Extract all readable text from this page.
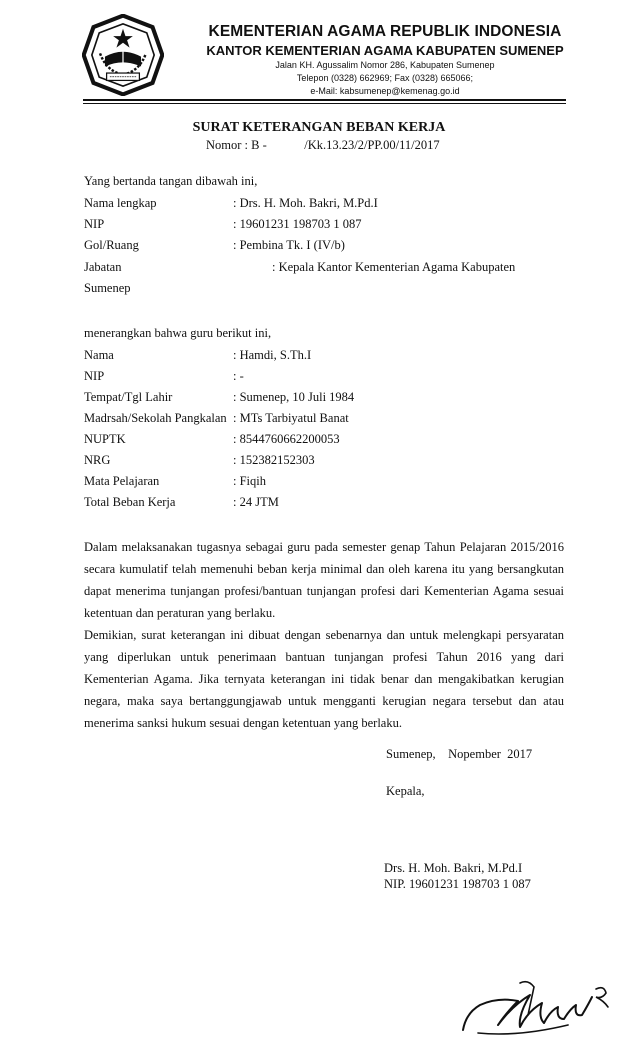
KEMENTERIAN AGAMA REPUBLIK INDONESIA
KANTOR KEMENTERIAN AGAMA KABUPATEN SUMENEP
Jalan KH. Agussalim Nomor 286, Kabupaten Sumenep
Telepon (0328) 662969; Fax (0328) 665066;
e-Mail: kabsumenep@kemenag.go.id
SURAT KETERANGAN BEBAN KERJA
Nomor : B -            /Kk.13.23/2/PP.00/11/2017
Yang bertanda tangan dibawah ini,
Nama lengkap	: Drs. H. Moh. Bakri, M.Pd.I
NIP	: 19601231 198703 1 087
Gol/Ruang	: Pembina Tk. I (IV/b)
Jabatan	: Kepala Kantor Kementerian Agama Kabupaten
Sumenep
menerangkan bahwa guru berikut ini,
Nama	: Hamdi, S.Th.I
NIP	: -
Tempat/Tgl Lahir	: Sumenep, 10 Juli 1984
Madrsah/Sekolah Pangkalan : MTs Tarbiyatul Banat
NUPTK	: 8544760662200053
NRG	: 152382152303
Mata Pelajaran	: Fiqih
Total Beban Kerja	: 24 JTM
Dalam melaksanakan tugasnya sebagai guru pada semester genap Tahun Pelajaran 2015/2016 secara kumulatif telah memenuhi beban kerja minimal dan oleh karena itu yang bersangkutan dapat menerima tunjangan profesi/bantuan tunjangan profesi dari Kementerian Agama sesuai ketentuan dan peraturan yang berlaku.
Demikian, surat keterangan ini dibuat dengan sebenarnya dan untuk melengkapi persyaratan yang diperlukan untuk penerimaan bantuan tunjangan profesi Tahun 2016 yang dari Kementerian Agama. Jika ternyata keterangan ini tidak benar dan mengakibatkan kerugian negara, maka saya bertanggungjawab untuk mengganti kerugian negara tersebut dan atau menerima sanksi hukum sesuai dengan ketentuan yang berlaku.
Sumenep,    Nopember  2017
Kepala,
Drs. H. Moh. Bakri, M.Pd.I
NIP. 19601231 198703 1 087
